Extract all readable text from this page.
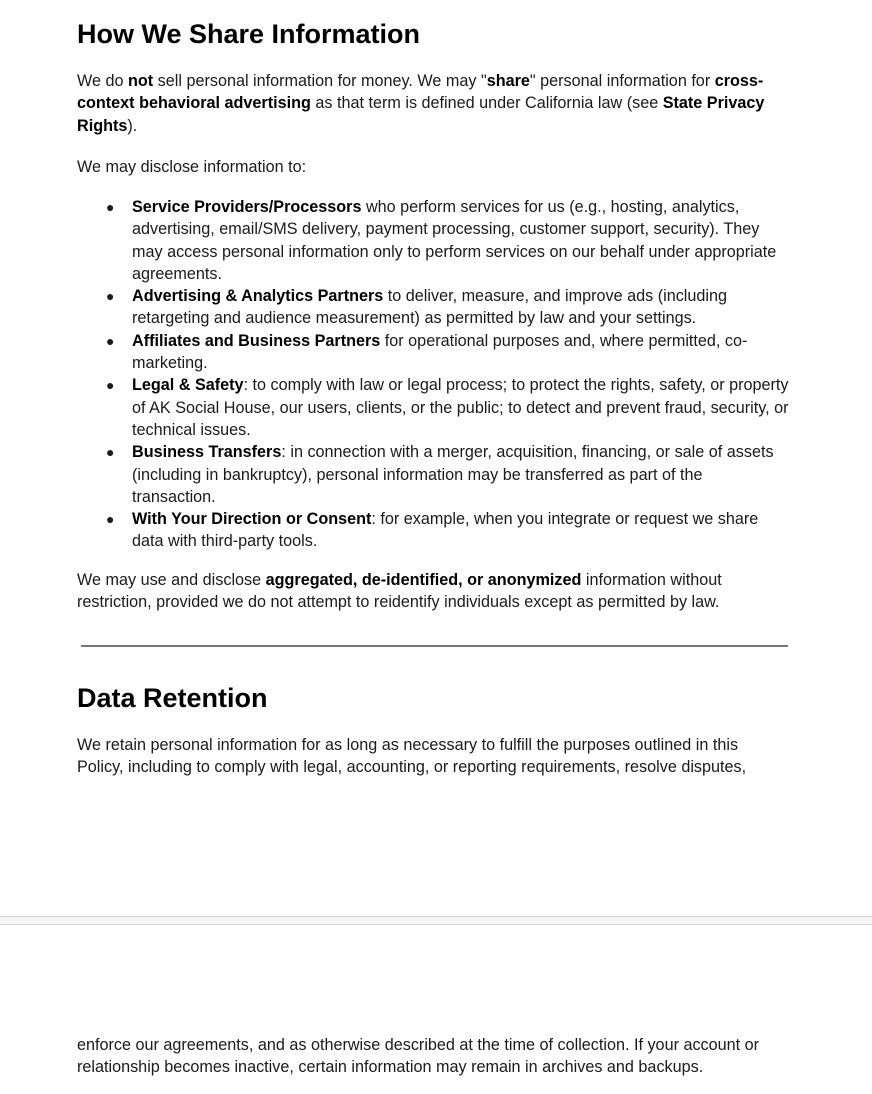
How We Share Information

We do not sell personal information for money. We may "share" personal information for cross-context behavioral advertising as that term is defined under California law (see State Privacy Rights).

We may disclose information to:

● Service Providers/Processors who perform services for us (e.g., hosting, analytics, advertising, email/SMS delivery, payment processing, customer support, security). They may access personal information only to perform services on our behalf under appropriate agreements.
● Advertising & Analytics Partners to deliver, measure, and improve ads (including retargeting and audience measurement) as permitted by law and your settings.
● Affiliates and Business Partners for operational purposes and, where permitted, co-marketing.
● Legal & Safety: to comply with law or legal process; to protect the rights, safety, or property of AK Social House, our users, clients, or the public; to detect and prevent fraud, security, or technical issues.
● Business Transfers: in connection with a merger, acquisition, financing, or sale of assets (including in bankruptcy), personal information may be transferred as part of the transaction.
● With Your Direction or Consent: for example, when you integrate or request we share data with third-party tools.

We may use and disclose aggregated, de-identified, or anonymized information without restriction, provided we do not attempt to reidentify individuals except as permitted by law.

Data Retention

We retain personal information for as long as necessary to fulfill the purposes outlined in this Policy, including to comply with legal, accounting, or reporting requirements, resolve disputes,

enforce our agreements, and as otherwise described at the time of collection. If your account or relationship becomes inactive, certain information may remain in archives and backups.
